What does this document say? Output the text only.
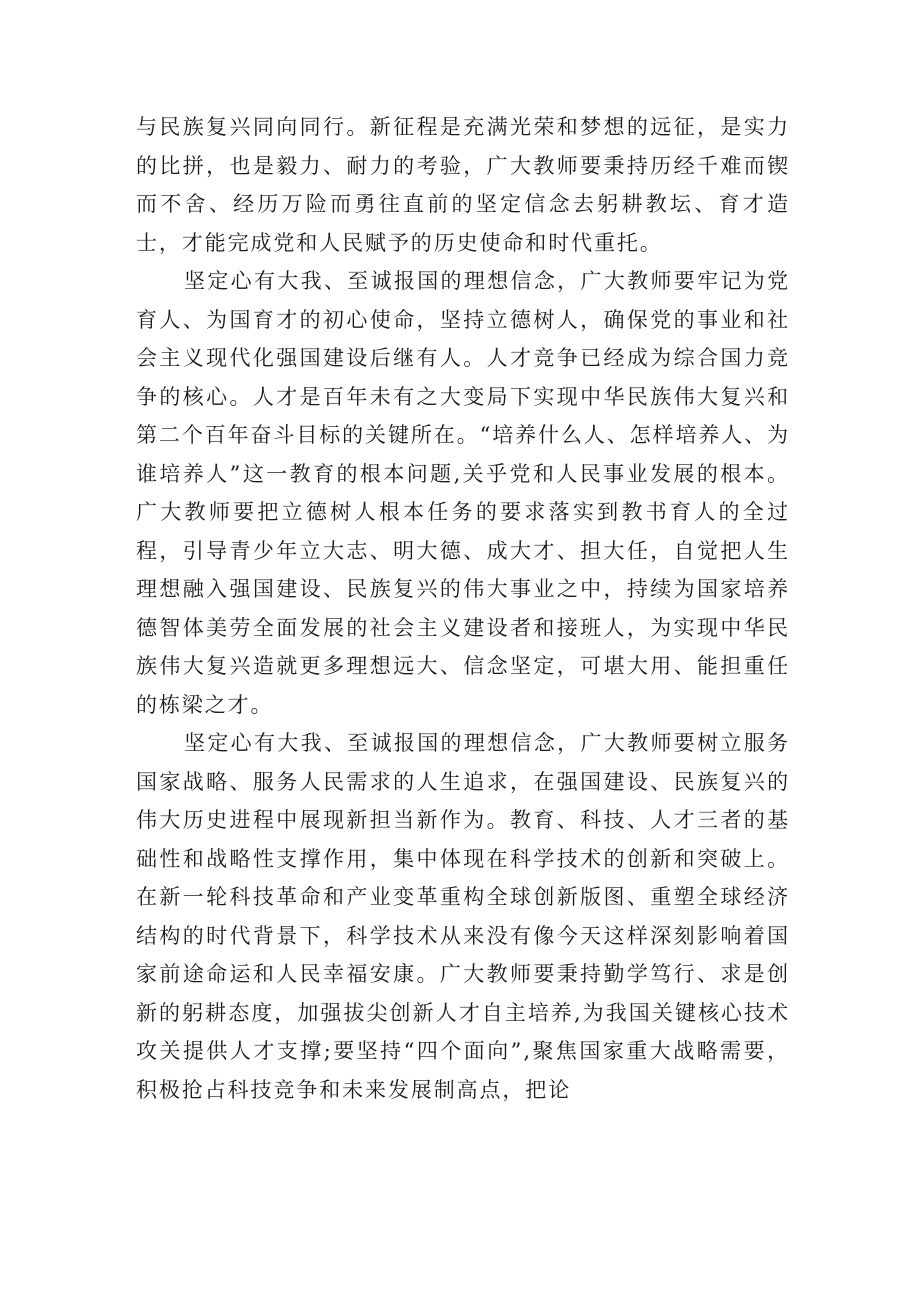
与民族复兴同向同行。新征程是充满光荣和梦想的远征，是实力的比拼，也是毅力、耐力的考验，广大教师要秉持历经千难而锲而不舍、经历万险而勇往直前的坚定信念去躬耕教坛、育才造士，才能完成党和人民赋予的历史使命和时代重托。

坚定心有大我、至诚报国的理想信念，广大教师要牢记为党育人、为国育才的初心使命，坚持立德树人，确保党的事业和社会主义现代化强国建设后继有人。人才竞争已经成为综合国力竞争的核心。人才是百年未有之大变局下实现中华民族伟大复兴和第二个百年奋斗目标的关键所在。“培养什么人、怎样培养人、为谁培养人”这一教育的根本问题,关乎党和人民事业发展的根本。广大教师要把立德树人根本任务的要求落实到教书育人的全过程，引导青少年立大志、明大德、成大才、担大任，自觉把人生理想融入强国建设、民族复兴的伟大事业之中，持续为国家培养德智体美劳全面发展的社会主义建设者和接班人，为实现中华民族伟大复兴造就更多理想远大、信念坚定，可堪大用、能担重任的栋梁之才。

坚定心有大我、至诚报国的理想信念，广大教师要树立服务国家战略、服务人民需求的人生追求，在强国建设、民族复兴的伟大历史进程中展现新担当新作为。教育、科技、人才三者的基础性和战略性支撑作用，集中体现在科学技术的创新和突破上。在新一轮科技革命和产业变革重构全球创新版图、重塑全球经济结构的时代背景下，科学技术从来没有像今天这样深刻影响着国家前途命运和人民幸福安康。广大教师要秉持勤学笃行、求是创新的躬耕态度，加强拔尖创新人才自主培养,为我国关键核心技术攻关提供人才支撑;要坚持“四个面向”,聚焦国家重大战略需要，积极抢占科技竞争和未来发展制高点，把论
